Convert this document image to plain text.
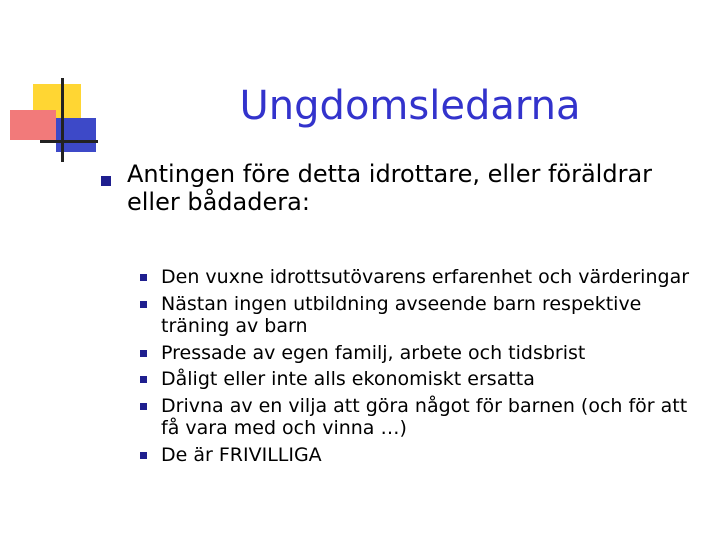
Ungdomsledarna
Antingen före detta idrottare, eller föräldrar eller bådadera:
Den vuxne idrottsutövarens erfarenhet och värderingar
Nästan ingen utbildning avseende barn respektive träning av barn
Pressade av egen familj, arbete och tidsbrist
Dåligt eller inte alls ekonomiskt ersatta
Drivna av en vilja att göra något för barnen (och för att få vara med och vinna …)
De är FRIVILLIGA
